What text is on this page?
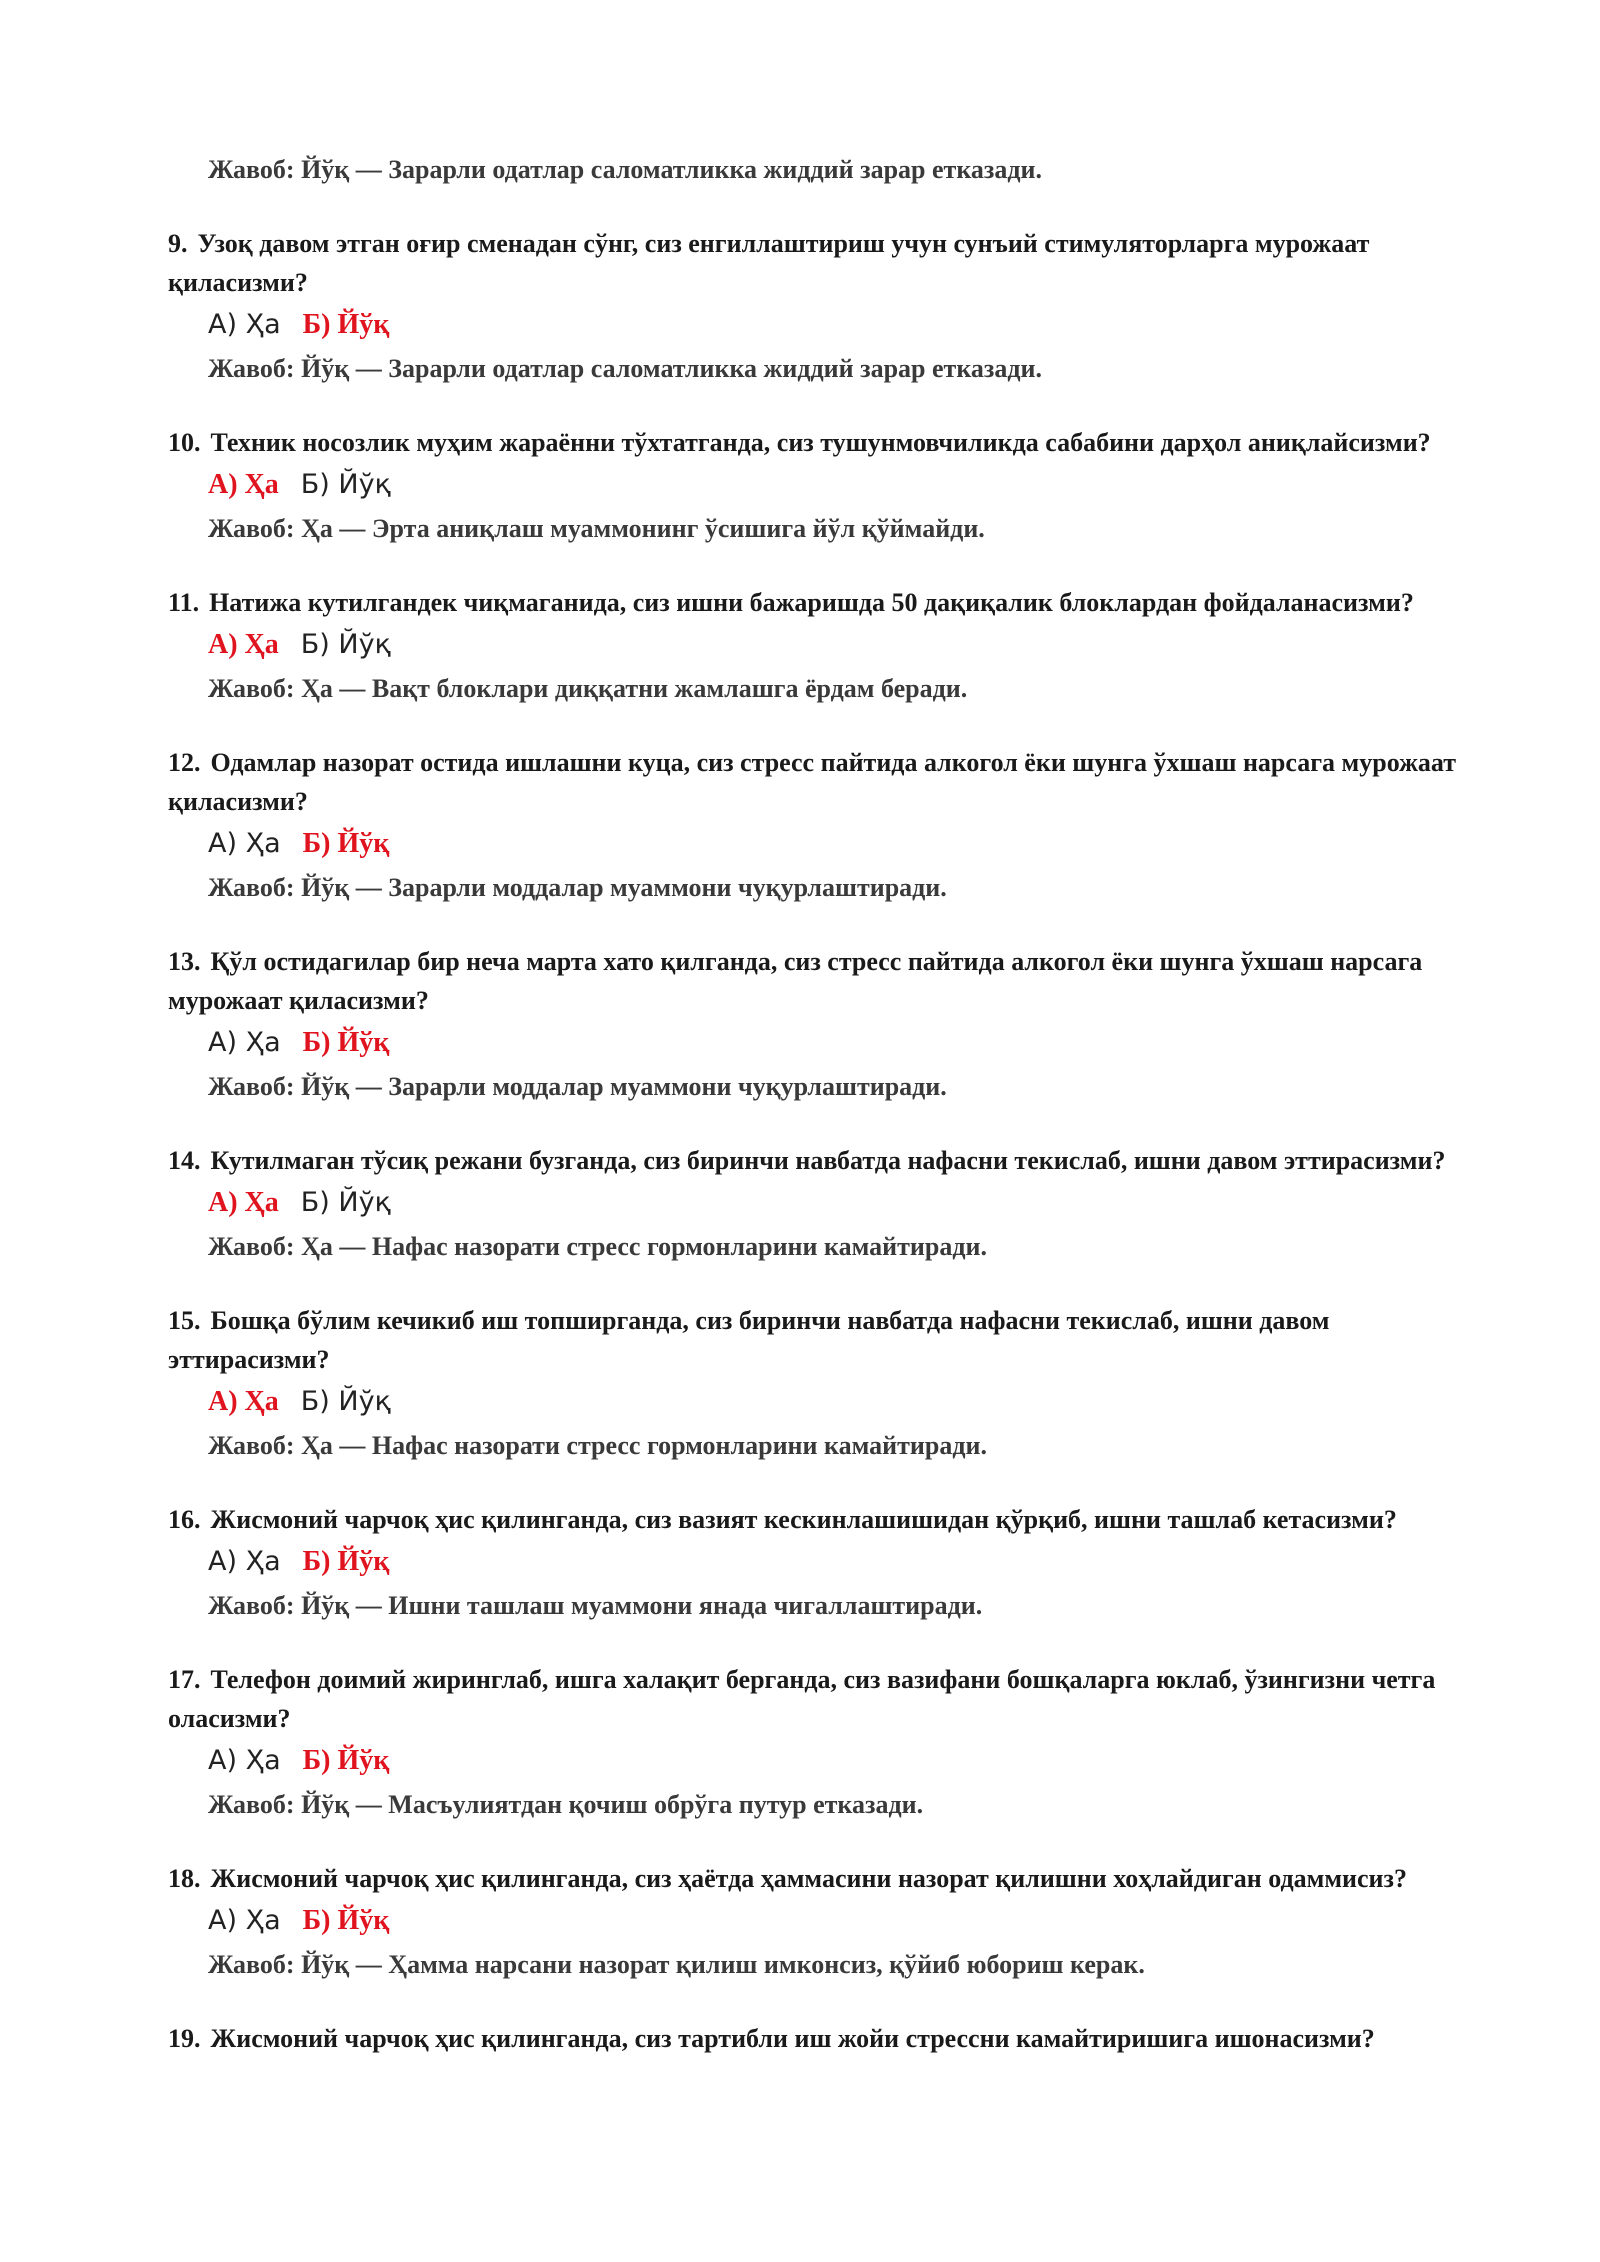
Жавоб: Йўқ — Зарарли одатлар саломатликка жиддий зарар етказади.

9. Узоқ давом этган оғир сменадан сўнг, сиз енгиллаштириш учун сунъий стимуляторларга мурожаат қиласизми?

А) Ҳа Б) Йўқ

Жавоб: Йўқ — Зарарли одатлар саломатликка жиддий зарар етказади.

10. Техник носозлик муҳим жараённи тўхтатганда, сиз тушунмовчиликда сабабини дарҳол аниқлайсизми?

А) Ҳа Б) Йўқ

Жавоб: Ҳа — Эрта аниқлаш муаммонинг ўсишига йўл қўймайди.

11. Натижа кутилгандек чиқмаганида, сиз ишни бажаришда 50 дақиқалик блоклардан фойдаланасизми?

А) Ҳа Б) Йўқ

Жавоб: Ҳа — Вақт блоклари диққатни жамлашга ёрдам беради.

12. Одамлар назорат остида ишлашни куца, сиз стресс пайтида алкогол ёки шунга ўхшаш нарсага мурожаат қиласизми?

А) Ҳа Б) Йўқ

Жавоб: Йўқ — Зарарли моддалар муаммони чуқурлаштиради.

13. Қўл остидагилар бир неча марта хато қилганда, сиз стресс пайтида алкогол ёки шунга ўхшаш нарсага мурожаат қиласизми?

А) Ҳа Б) Йўқ

Жавоб: Йўқ — Зарарли моддалар муаммони чуқурлаштиради.

14. Кутилмаган тўсиқ режани бузганда, сиз биринчи навбатда нафасни текислаб, ишни давом эттирасизми?

А) Ҳа Б) Йўқ

Жавоб: Ҳа — Нафас назорати стресс гормонларини камайтиради.

15. Бошқа бўлим кечикиб иш топширганда, сиз биринчи навбатда нафасни текислаб, ишни давом эттирасизми?

А) Ҳа Б) Йўқ

Жавоб: Ҳа — Нафас назорати стресс гормонларини камайтиради.

16. Жисмоний чарчоқ ҳис қилинганда, сиз вазият кескинлашишидан қўрқиб, ишни ташлаб кетасизми?

А) Ҳа Б) Йўқ

Жавоб: Йўқ — Ишни ташлаш муаммони янада чигаллаштиради.

17. Телефон доимий жиринглаб, ишга халақит берганда, сиз вазифани бошқаларга юклаб, ўзингизни четга оласизми?

А) Ҳа Б) Йўқ

Жавоб: Йўқ — Масъулиятдан қочиш обрўга путур етказади.

18. Жисмоний чарчоқ ҳис қилинганда, сиз ҳаётда ҳаммасини назорат қилишни хоҳлайдиган одаммисиз?

А) Ҳа Б) Йўқ

Жавоб: Йўқ — Ҳамма нарсани назорат қилиш имконсиз, қўйиб юбориш керак.

19. Жисмоний чарчоқ ҳис қилинганда, сиз тартибли иш жойи стрессни камайтиришига ишонасизми?
